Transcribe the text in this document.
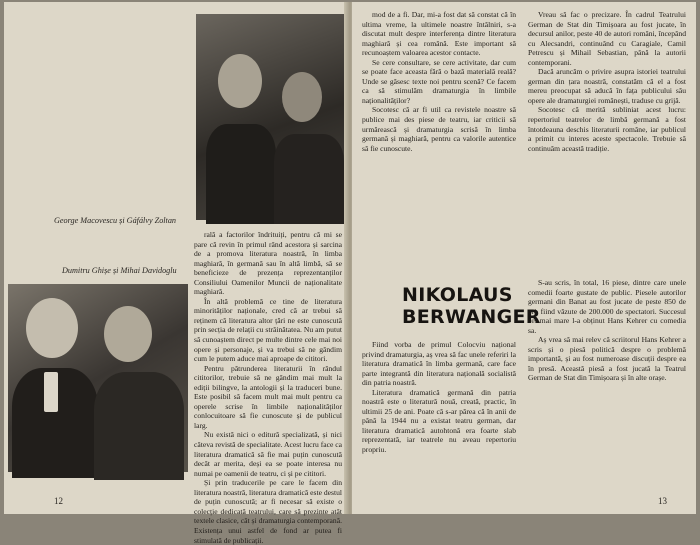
George Macovescu și Gáfálvy Zoltan
Dumitru Ghișe și Mihai Davidoglu

rală a factorilor îndrituiți, pentru că mi se pare că revin în primul rând acestora și sarcina de a promova literatura noastră, în limba maghiară, în germană sau în altă limbă, să se beneficieze de prezența reprezentanților Consiliului Oamenilor Muncii de naționalitate maghiară.

În altă problemă ce tine de literatura minorităților naționale, cred că ar trebui să reținem că literatura altor țări ne este cunoscută prin secția de relații cu străinătatea. Nu am putut să cunoaștem direct pe multe dintre cele mai noi opere și personaje, și va trebui să ne gândim cum le putem aduce mai aproape de cititori.

Pentru pătrunderea literaturii în rândul cititorilor, trebuie să ne gândim mai mult la ediții bilingve, la antologii și la traduceri bune. Este posibil să facem mult mai mult pentru ca operele scrise în limbile naționalităților conlocuitoare să fie cunoscute și de publicul larg.

Nu există nici o editură specializată, și nici câteva revistă de specialitate. Acest lucru face ca literatura dramatică să fie mai puțin cunoscută decât ar merita, deși ea se poate interesa nu numai pe oamenii de teatru, ci și pe cititori.

Și prin traducerile pe care le facem din literatura noastră, literatura dramatică este destul de puțin cunoscută; ar fi necesar să existe o colecție dedicată teatrului, care să prezinte atât textele clasice, cât și dramaturgia contemporană. Existența unui astfel de fond ar putea fi stimulată de publicații.

12

mod de a fi. Dar, mi-a fost dat să constat că în ultima vreme, la ultimele noastre întâlniri, s-a discutat mult despre interferența dintre literatura maghiară și cea română. Este important să recunoaștem valoarea acestor contacte.

Se cere consultare, se cere activitate, dar cum se poate face aceasta fără o bază materială reală? Unde se găsesc texte noi pentru scenă? Ce facem ca să stimulăm dramaturgia în limbile naționalităților?

Socotesc că ar fi util ca revistele noastre să publice mai des piese de teatru, iar criticii să urmărească și dramaturgia scrisă în limba germană și maghiară, pentru ca valorile autentice să fie cunoscute.

Vreau să fac o precizare. În cadrul Teatrului German de Stat din Timișoara au fost jucate, în decursul anilor, peste 40 de autori români, începând cu Alecsandri, continuând cu Caragiale, Camil Petrescu și Mihail Sebastian, până la autorii contemporani.

Dacă aruncăm o privire asupra istoriei teatrului german din țara noastră, constatăm că el a fost mereu preocupat să aducă în fața publicului său opere ale dramaturgiei românești, traduse cu grijă.

Socotesc că merită subliniat acest lucru: repertoriul teatrelor de limbă germană a fost întotdeauna deschis literaturii române, iar publicul a primit cu interes aceste spectacole. Trebuie să continuăm această tradiție.

NIKOLAUS
BERWANGER

Fiind vorba de primul Colocviu național privind dramaturgia, aș vrea să fac unele referiri la literatura dramatică în limba germană, care face parte integrantă din literatura națională socialistă din patria noastră.

Literatura dramatică germană din patria noastră este o literatură nouă, creată, practic, în ultimii 25 de ani. Poate că s-ar părea că în anii de până la 1944 nu a existat teatru german, dar literatura dramatică autohtonă era foarte slab reprezentată, iar teatrele nu aveau repertoriu propriu.

S-au scris, în total, 16 piese, dintre care unele comedii foarte gustate de public. Piesele autorilor germani din Banat au fost jucate de peste 850 de ori, fiind văzute de 200.000 de spectatori. Succesul cel mai mare l-a obținut Hans Kehrer cu comedia sa.

Aș vrea să mai relev că scriitorul Hans Kehrer a scris și o piesă politică despre o problemă importantă, și au fost numeroase discuții despre ea în presă. Această piesă a fost jucată la Teatrul German de Stat din Timișoara și în alte orașe.

13
